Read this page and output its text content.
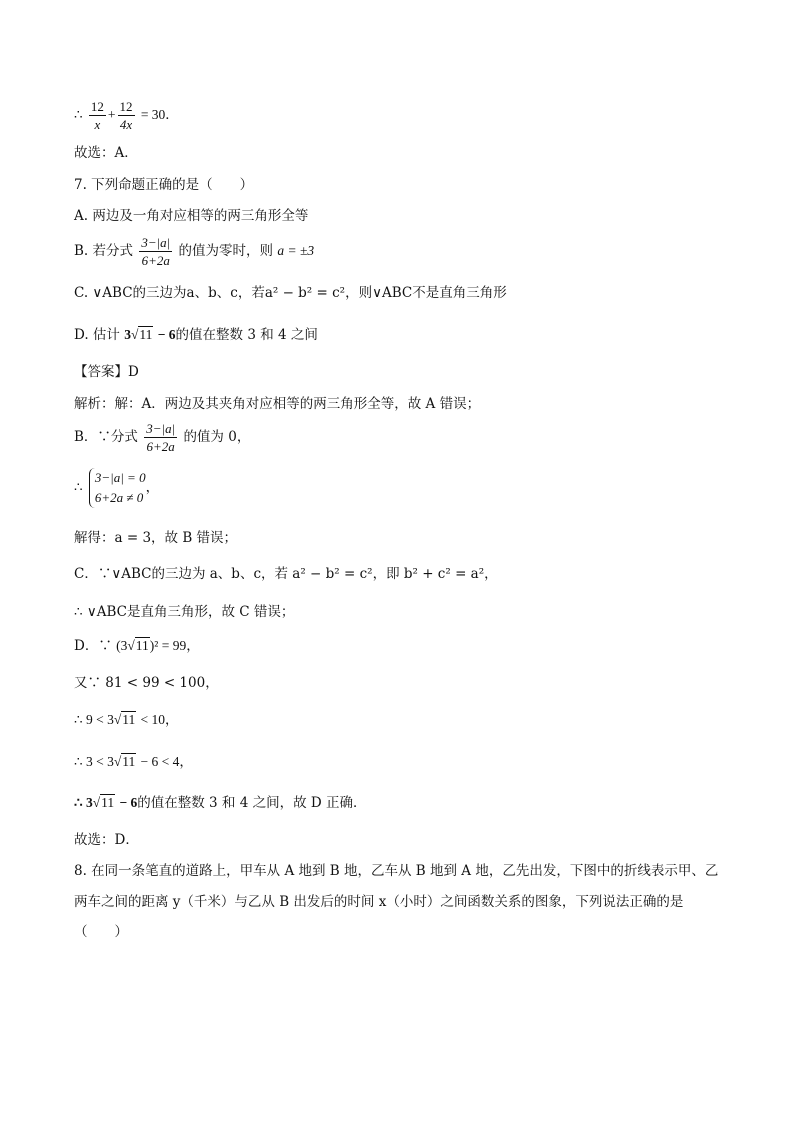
∴ $\frac{12}{x} + \frac{12}{4x} = 30$．
故选：A．
7. 下列命题正确的是（　　）
A. 两边及一角对应相等的两三角形全等
B. 若分式 $\frac{3-|a|}{6+2a}$ 的值为零时，则 a = ±3
C. ∨ABC的三边为a、b、c，若a² − b² = c²，则∨ABC不是直角三角形
D. 估计 3√11 − 6的值在整数 3 和 4 之间
【答案】D
解析：解：A．两边及其夹角对应相等的两三角形全等，故 A 错误；
B．∵分式 $\frac{3-|a|}{6+2a}$ 的值为 0，
∴
3−|a| = 0
6+2a ≠ 0
，
解得：a = 3，故 B 错误；
C．∵∨ABC的三边为 a、b、c，若 a² − b² = c²，即 b² + c² = a²，
∴ ∨ABC是直角三角形，故 C 错误；
D．∵ (3√11)² = 99，
又∵ 81 < 99 < 100，
∴ 9 < 3√11 < 10，
∴ 3 < 3√11 − 6 < 4，
∴ 3√11 − 6的值在整数 3 和 4 之间，故 D 正确．
故选：D．
8. 在同一条笔直的道路上，甲车从 A 地到 B 地，乙车从 B 地到 A 地，乙先出发，下图中的折线表示甲、乙
两车之间的距离 y（千米）与乙从 B 出发后的时间 x（小时）之间函数关系的图象，下列说法正确的是
（　　）
